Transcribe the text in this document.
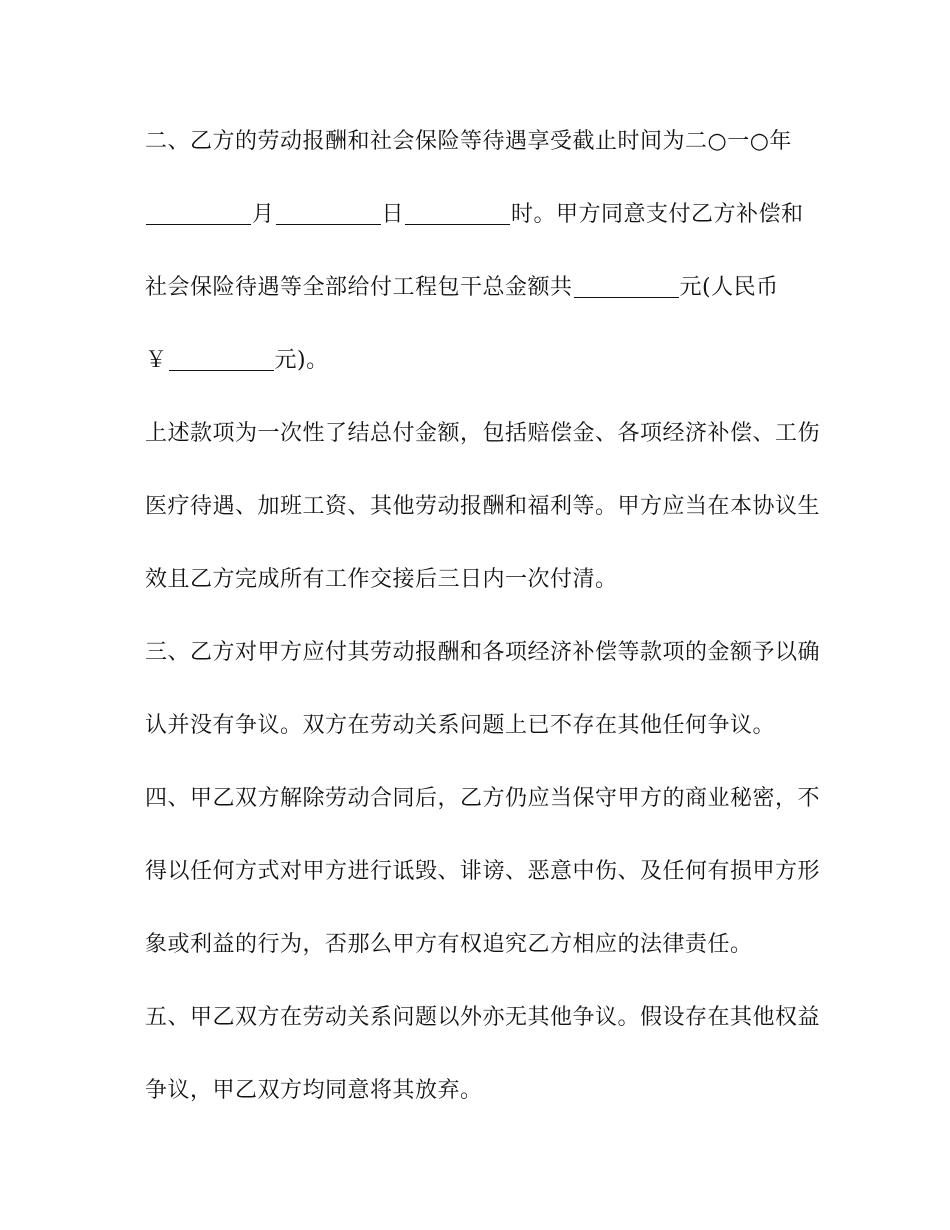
二、乙方的劳动报酬和社会保险等待遇享受截止时间为二○一○年

月	日	时。甲方同意支付乙方补偿和

社会保险待遇等全部给付工程包干总金额共	元(人民币

￥	元)。

上述款项为一次性了结总付金额，包括赔偿金、各项经济补偿、工伤

医疗待遇、加班工资、其他劳动报酬和福利等。甲方应当在本协议生

效且乙方完成所有工作交接后三日内一次付清。

三、乙方对甲方应付其劳动报酬和各项经济补偿等款项的金额予以确

认并没有争议。双方在劳动关系问题上已不存在其他任何争议。

四、甲乙双方解除劳动合同后，乙方仍应当保守甲方的商业秘密，不

得以任何方式对甲方进行诋毁、诽谤、恶意中伤、及任何有损甲方形

象或利益的行为，否那么甲方有权追究乙方相应的法律责任。

五、甲乙双方在劳动关系问题以外亦无其他争议。假设存在其他权益

争议，甲乙双方均同意将其放弃。
